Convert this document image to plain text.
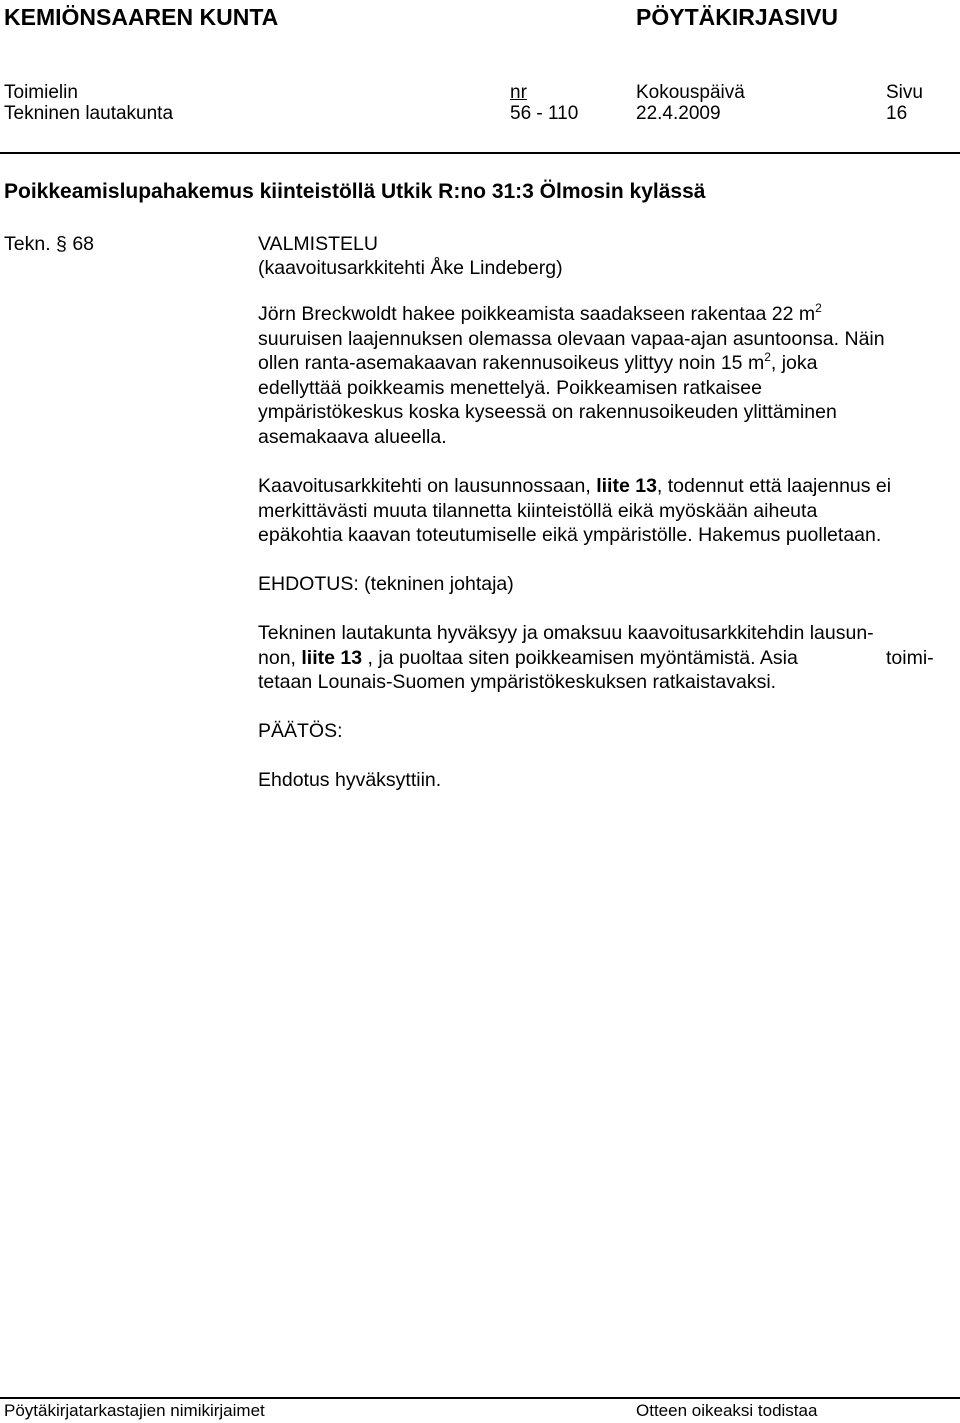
KEMIÖNSAAREN KUNTA	PÖYTÄKIRJASIVU
Toimielin	nr	Kokouspäivä	Sivu
Tekninen lautakunta	56 - 110	22.4.2009	16
Poikkeamislupahakemus kiinteistöllä Utkik R:no 31:3 Ölmosin kylässä
Tekn. § 68	VALMISTELU
(kaavoitusarkkitehti Åke Lindeberg)

Jörn Breckwoldt hakee poikkeamista saadakseen rakentaa 22 $m^2$

suuruisen laajennuksen olemassa olevaan vapaa-ajan asuntoonsa. Näin

ollen ranta-asemakaavan rakennusoikeus ylittyy noin 15 $m^2$, joka

edellyttää poikkeamis menettelyä. Poikkeamisen ratkaisee

ympäristökeskus koska kyseessä on rakennusoikeuden ylittäminen

asemakaava alueella.

Kaavoitusarkkitehti on lausunnossaan, liite 13, todennut että laajennus ei

merkittävästi muuta tilannetta kiinteistöllä eikä myöskään aiheuta

epäkohtia kaavan toteutumiselle eikä ympäristölle. Hakemus puolletaan.

EHDOTUS: (tekninen johtaja)

Tekninen lautakunta hyväksyy ja omaksuu kaavoitusarkkitehdin lausun-

non, liite 13 , ja puoltaa siten poikkeamisen myöntämistä. Asia	toimi-

tetaan Lounais-Suomen ympäristökeskuksen ratkaistavaksi.

PÄÄTÖS:
Ehdotus hyväksyttiin.
Pöytäkirjatarkastajien nimikirjaimet	Otteen oikeaksi todistaa
